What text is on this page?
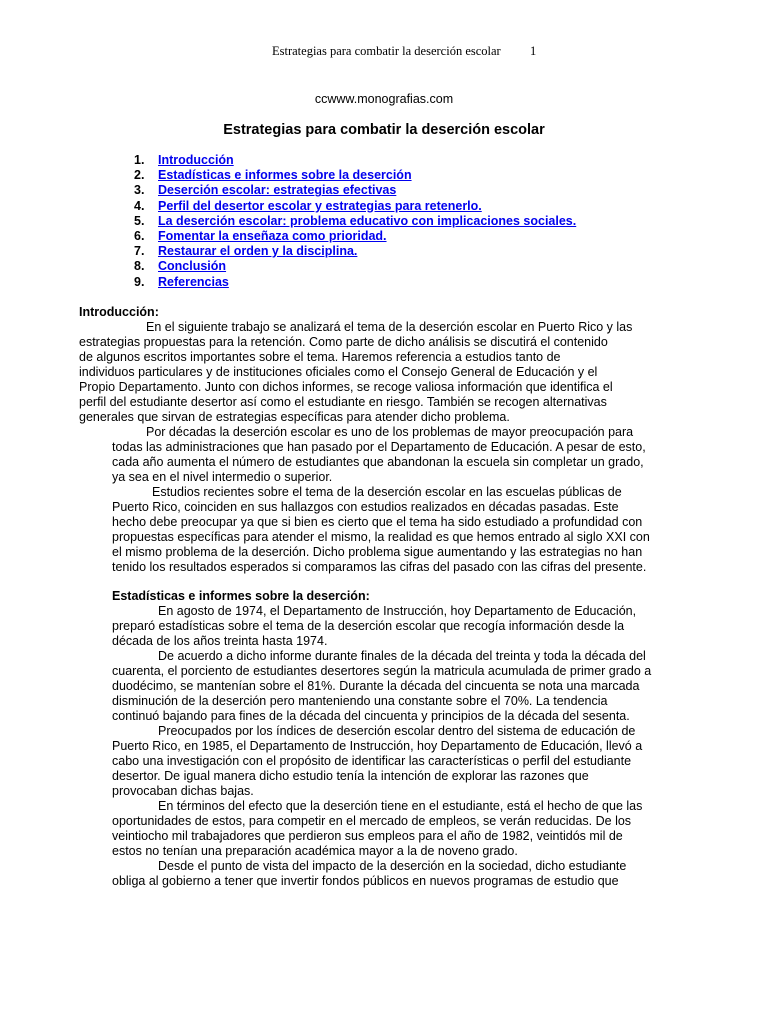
Estrategias para combatir la deserción escolar 1
ccwww.monografias.com
Estrategias para combatir la deserción escolar
1. Introducción
2. Estadísticas e informes sobre la deserción
3. Deserción escolar: estrategias efectivas
4. Perfil del desertor escolar y estrategias para retenerlo.
5. La deserción escolar: problema educativo con implicaciones sociales.
6. Fomentar la enseñaza como prioridad.
7. Restaurar el orden y la disciplina.
8. Conclusión
9. Referencias
Introducción:
En el siguiente trabajo se analizará el tema de la deserción escolar en Puerto Rico y las
estrategias propuestas para la retención. Como parte de dicho análisis se discutirá el contenido
de algunos escritos importantes sobre el tema. Haremos referencia a estudios tanto de
individuos particulares y de instituciones oficiales como el Consejo General de Educación y el
Propio Departamento. Junto con dichos informes, se recoge valiosa información que identifica el
perfil del estudiante desertor así como el estudiante en riesgo. También se recogen alternativas
generales que sirvan de estrategias específicas para atender dicho problema.
Por décadas la deserción escolar es uno de los problemas de mayor preocupación para
todas las administraciones que han pasado por el Departamento de Educación. A pesar de esto,
cada año aumenta el número de estudiantes que abandonan la escuela sin completar un grado,
ya sea en el nivel intermedio o superior.
Estudios recientes sobre el tema de la deserción escolar en las escuelas públicas de
Puerto Rico, coinciden en sus hallazgos con estudios realizados en décadas pasadas. Este
hecho debe preocupar ya que si bien es cierto que el tema ha sido estudiado a profundidad con
propuestas específicas para atender el mismo, la realidad es que hemos entrado al siglo XXI con
el mismo problema de la deserción. Dicho problema sigue aumentando y las estrategias no han
tenido los resultados esperados si comparamos las cifras del pasado con las cifras del presente.
Estadísticas e informes sobre la deserción:
En agosto de 1974, el Departamento de Instrucción, hoy Departamento de Educación,
preparó estadísticas sobre el tema de la deserción escolar que recogía información desde la
década de los años treinta hasta 1974.
De acuerdo a dicho informe durante finales de la década del treinta y toda la década del
cuarenta, el porciento de estudiantes desertores según la matricula acumulada de primer grado a
duodécimo, se mantenían sobre el 81%. Durante la década del cincuenta se nota una marcada
disminución de la deserción pero manteniendo una constante sobre el 70%. La tendencia
continuó bajando para fines de la década del cincuenta y principios de la década del sesenta.
Preocupados por los índices de deserción escolar dentro del sistema de educación de
Puerto Rico, en 1985, el Departamento de Instrucción, hoy Departamento de Educación, llevó a
cabo una investigación con el propósito de identificar las características o perfil del estudiante
desertor. De igual manera dicho estudio tenía la intención de explorar las razones que
provocaban dichas bajas.
En términos del efecto que la deserción tiene en el estudiante, está el hecho de que las
oportunidades de estos, para competir en el mercado de empleos, se verán reducidas. De los
veintiocho mil trabajadores que perdieron sus empleos para el año de 1982, veintidós mil de
estos no tenían una preparación académica mayor a la de noveno grado.
Desde el punto de vista del impacto de la deserción en la sociedad, dicho estudiante
obliga al gobierno a tener que invertir fondos públicos en nuevos programas de estudio que
